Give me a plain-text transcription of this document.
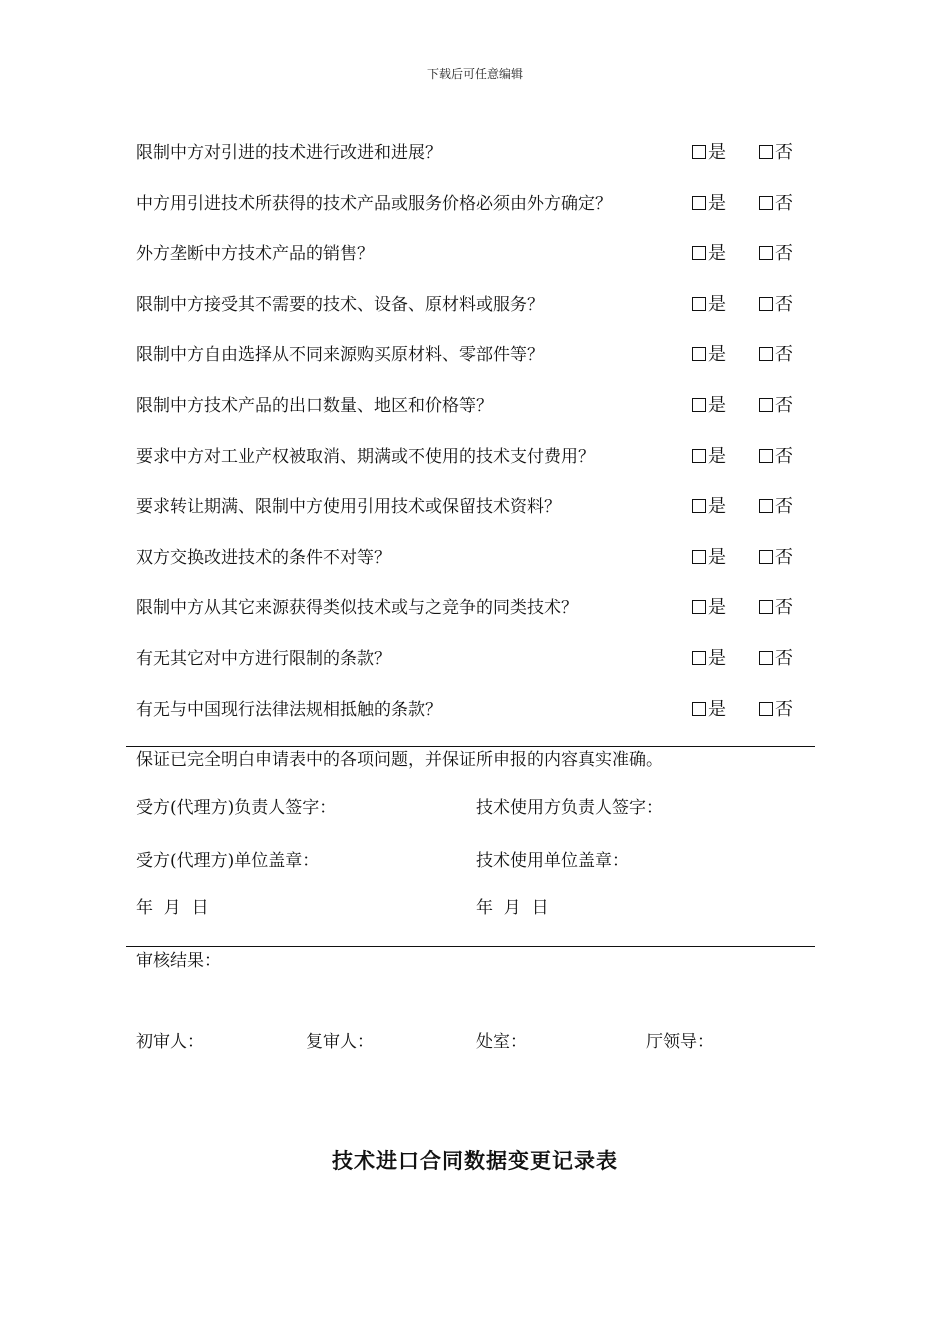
下载后可任意编辑
限制中方对引进的技术进行改进和进展？	是	否
中方用引进技术所获得的技术产品或服务价格必须由外方确定？	是	否
外方垄断中方技术产品的销售？	是	否
限制中方接受其不需要的技术、设备、原材料或服务？	是	否
限制中方自由选择从不同来源购买原材料、零部件等？	是	否
限制中方技术产品的出口数量、地区和价格等？	是	否
要求中方对工业产权被取消、期满或不使用的技术支付费用？	是	否
要求转让期满、限制中方使用引用技术或保留技术资料？	是	否
双方交换改进技术的条件不对等？	是	否
限制中方从其它来源获得类似技术或与之竞争的同类技术？	是	否
有无其它对中方进行限制的条款？	是	否
有无与中国现行法律法规相抵触的条款？	是	否
保证已完全明白申请表中的各项问题，并保证所申报的内容真实准确。
受方(代理方)负责人签字：	技术使用方负责人签字：
受方(代理方)单位盖章：	技术使用单位盖章：
年  月  日	年  月  日
审核结果：
初审人：	复审人：	处室：	厅领导：
技术进口合同数据变更记录表
